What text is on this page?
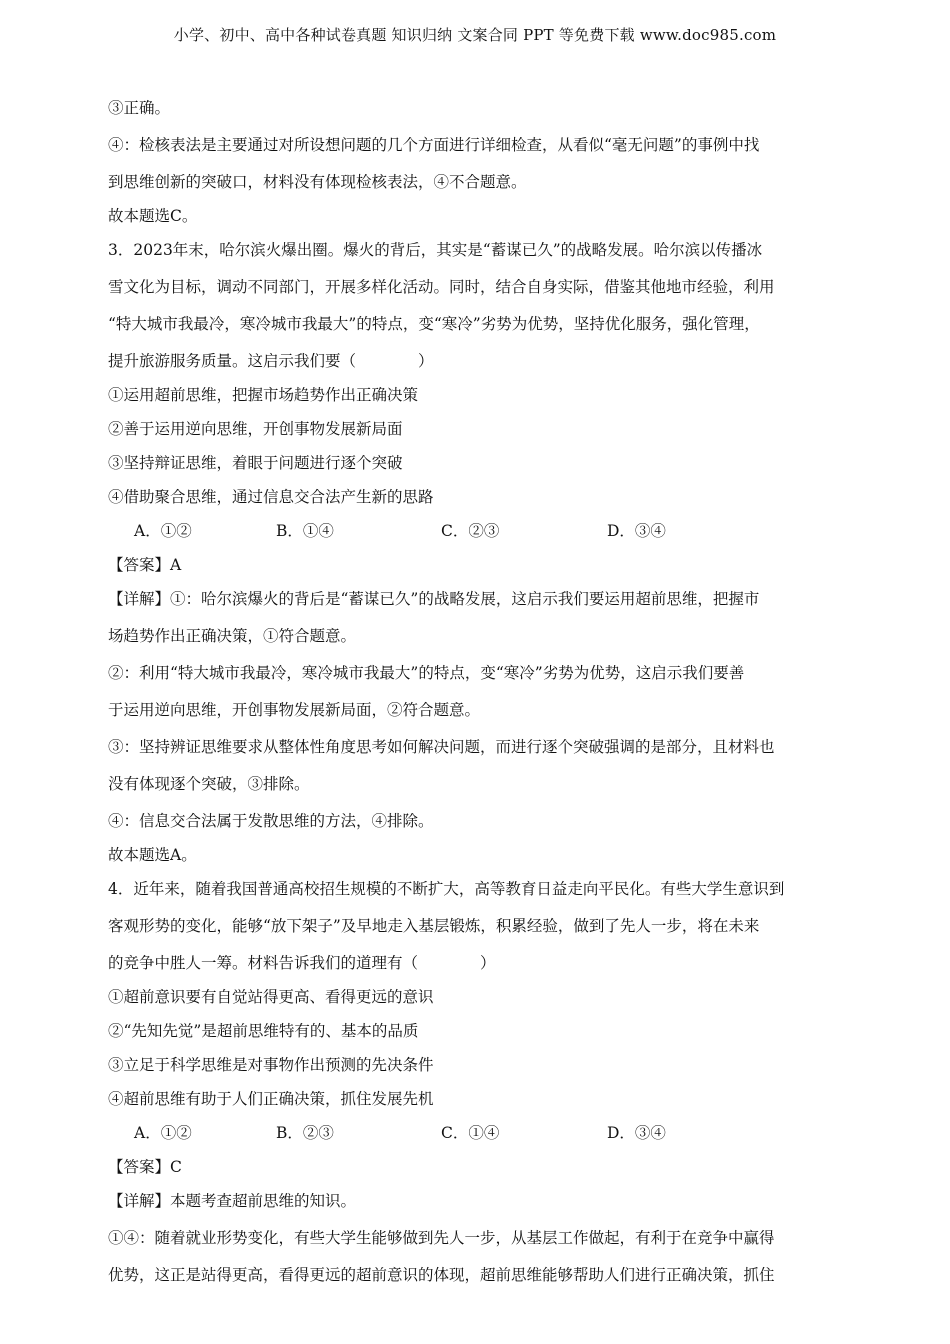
小学、初中、高中各种试卷真题 知识归纳 文案合同 PPT 等免费下载 www.doc985.com
③正确。
④：检核表法是主要通过对所设想问题的几个方面进行详细检查，从看似“毫无问题”的事例中找
到思维创新的突破口，材料没有体现检核表法，④不合题意。
故本题选C。
3．2023年末，哈尔滨火爆出圈。爆火的背后，其实是“蓄谋已久”的战略发展。哈尔滨以传播冰
雪文化为目标，调动不同部门，开展多样化活动。同时，结合自身实际，借鉴其他地市经验，利用
“特大城市我最冷，寒冷城市我最大”的特点，变“寒冷”劣势为优势，坚持优化服务，强化管理，
提升旅游服务质量。这启示我们要（　　　　）
①运用超前思维，把握市场趋势作出正确决策
②善于运用逆向思维，开创事物发展新局面
③坚持辩证思维，着眼于问题进行逐个突破
④借助聚合思维，通过信息交合法产生新的思路
A．①②	B．①④	C．②③	D．③④
【答案】A
【详解】①：哈尔滨爆火的背后是“蓄谋已久”的战略发展，这启示我们要运用超前思维，把握市
场趋势作出正确决策，①符合题意。
②：利用“特大城市我最冷，寒冷城市我最大”的特点，变“寒冷”劣势为优势，这启示我们要善
于运用逆向思维，开创事物发展新局面，②符合题意。
③：坚持辨证思维要求从整体性角度思考如何解决问题，而进行逐个突破强调的是部分，且材料也
没有体现逐个突破，③排除。
④：信息交合法属于发散思维的方法，④排除。
故本题选A。
4．近年来，随着我国普通高校招生规模的不断扩大，高等教育日益走向平民化。有些大学生意识到
客观形势的变化，能够“放下架子”及早地走入基层锻炼，积累经验，做到了先人一步，将在未来
的竞争中胜人一筹。材料告诉我们的道理有（　　　　）
①超前意识要有自觉站得更高、看得更远的意识
②“先知先觉”是超前思维特有的、基本的品质
③立足于科学思维是对事物作出预测的先决条件
④超前思维有助于人们正确决策，抓住发展先机
A．①②	B．②③	C．①④	D．③④
【答案】C
【详解】本题考查超前思维的知识。
①④：随着就业形势变化，有些大学生能够做到先人一步，从基层工作做起，有利于在竞争中赢得
优势，这正是站得更高，看得更远的超前意识的体现，超前思维能够帮助人们进行正确决策，抓住
